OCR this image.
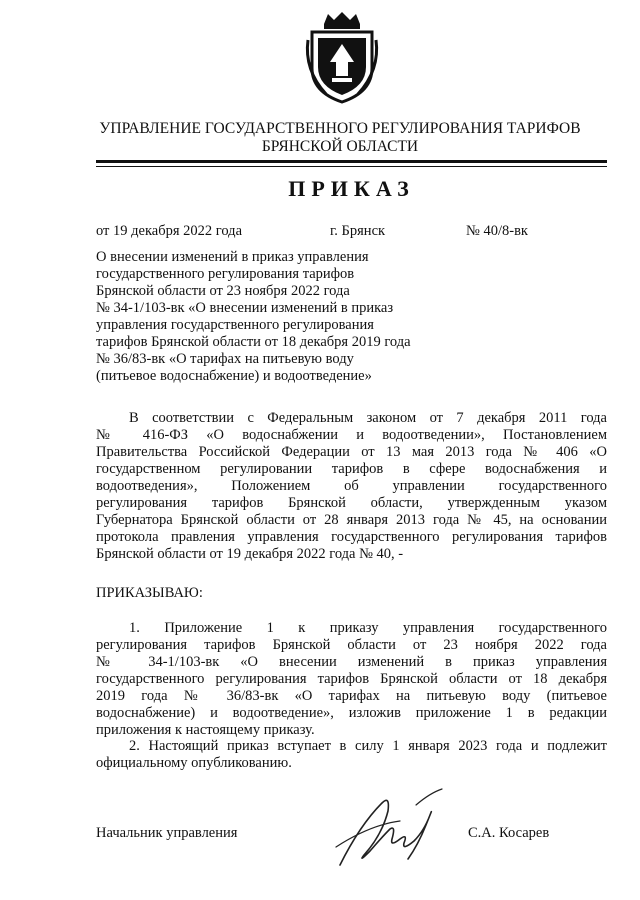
УПРАВЛЕНИЕ ГОСУДАРСТВЕННОГО РЕГУЛИРОВАНИЯ ТАРИФОВ
БРЯНСКОЙ ОБЛАСТИ
ПРИКАЗ
от 19 декабря 2022 года	г. Брянск	№ 40/8-вк
О внесении изменений в приказ управления
государственного регулирования тарифов
Брянской области от 23 ноября 2022 года
№ 34-1/103-вк «О внесении изменений в приказ
управления государственного регулирования
тарифов Брянской области от 18 декабря 2019 года
№ 36/83-вк «О тарифах на питьевую воду
(питьевое водоснабжение) и водоотведение»
В соответствии с Федеральным законом от 7 декабря 2011 года
№ 416-ФЗ «О водоснабжении и водоотведении», Постановлением
Правительства Российской Федерации от 13 мая 2013 года № 406 «О
государственном регулировании тарифов в сфере водоснабжения и
водоотведения», Положением об управлении государственного
регулирования тарифов Брянской области, утвержденным указом
Губернатора Брянской области от 28 января 2013 года № 45, на основании
протокола правления управления государственного регулирования тарифов
Брянской области от 19 декабря 2022 года № 40, -
ПРИКАЗЫВАЮ:
1. Приложение 1 к приказу управления государственного
регулирования тарифов Брянской области от 23 ноября 2022 года
№ 34-1/103-вк «О внесении изменений в приказ управления
государственного регулирования тарифов Брянской области от 18 декабря
2019 года № 36/83-вк «О тарифах на питьевую воду (питьевое
водоснабжение) и водоотведение», изложив приложение 1 в редакции
приложения к настоящему приказу.
2. Настоящий приказ вступает в силу 1 января 2023 года и подлежит
официальному опубликованию.
Начальник управления	С.А. Косарев
